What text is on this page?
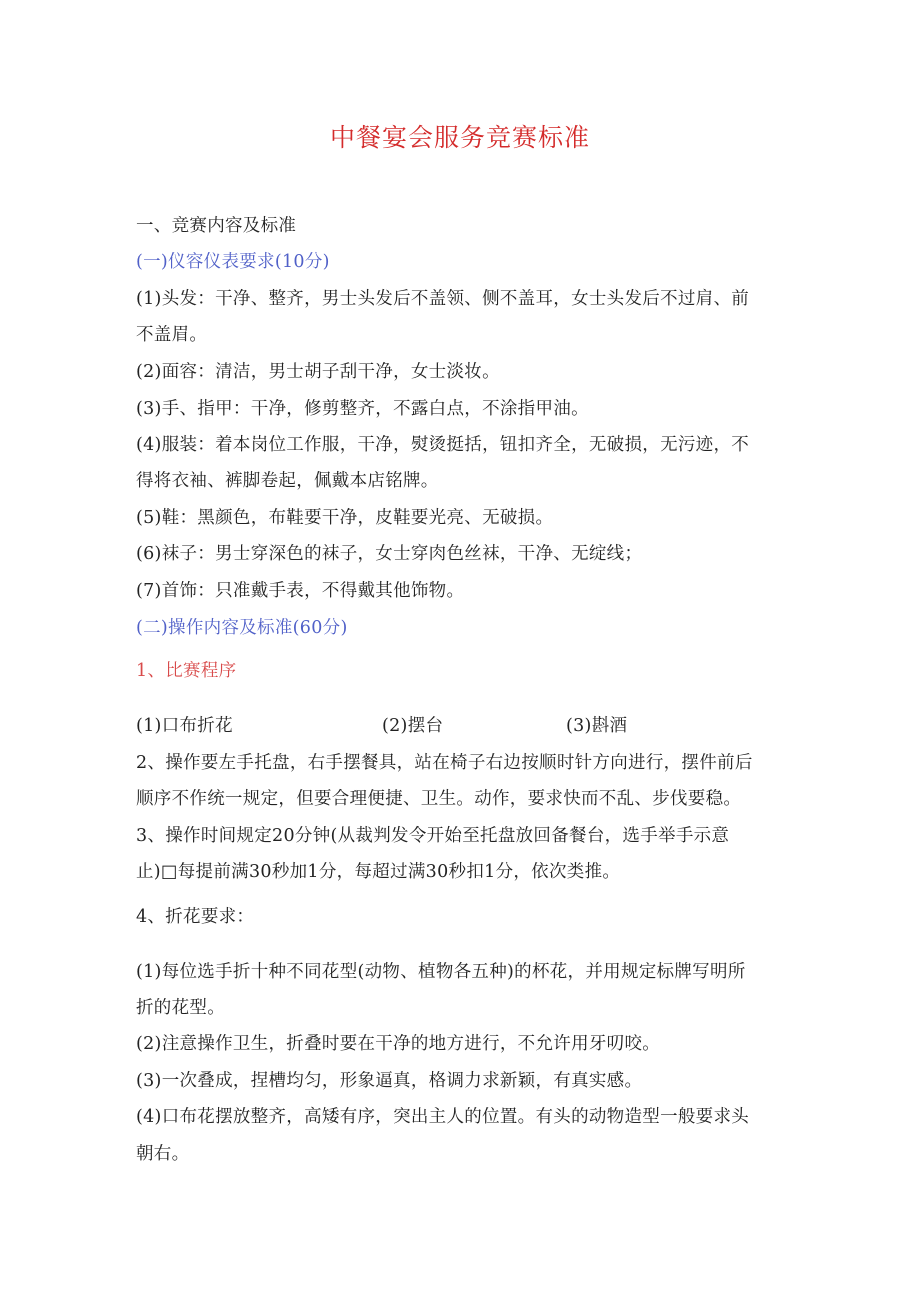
中餐宴会服务竞赛标准
一、竞赛内容及标准
(一)仪容仪表要求(10分)
(1)头发：干净、整齐，男士头发后不盖领、侧不盖耳，女士头发后不过肩、前
不盖眉。
(2)面容：清洁，男士胡子刮干净，女士淡妆。
(3)手、指甲：干净，修剪整齐，不露白点，不涂指甲油。
(4)服装：着本岗位工作服，干净，熨烫挺括，钮扣齐全，无破损，无污迹，不
得将衣袖、裤脚卷起，佩戴本店铭牌。
(5)鞋：黑颜色，布鞋要干净，皮鞋要光亮、无破损。
(6)袜子：男士穿深色的袜子，女士穿肉色丝袜，干净、无绽线；
(7)首饰：只准戴手表，不得戴其他饰物。
(二)操作内容及标准(60分)
1、比赛程序
(1)口布折花	(2)摆台	(3)斟酒
2、操作要左手托盘，右手摆餐具，站在椅子右边按顺时针方向进行，摆件前后
顺序不作统一规定，但要合理便捷、卫生。动作，要求快而不乱、步伐要稳。
3、操作时间规定20分钟(从裁判发令开始至托盘放回备餐台，选手举手示意
止)□每提前满30秒加1分，每超过满30秒扣1分，依次类推。
4、折花要求：
(1)每位选手折十种不同花型(动物、植物各五种)的杯花，并用规定标牌写明所
折的花型。
(2)注意操作卫生，折叠时要在干净的地方进行，不允许用牙叨咬。
(3)一次叠成，捏槽均匀，形象逼真，格调力求新颖，有真实感。
(4)口布花摆放整齐，高矮有序，突出主人的位置。有头的动物造型一般要求头
朝右。
